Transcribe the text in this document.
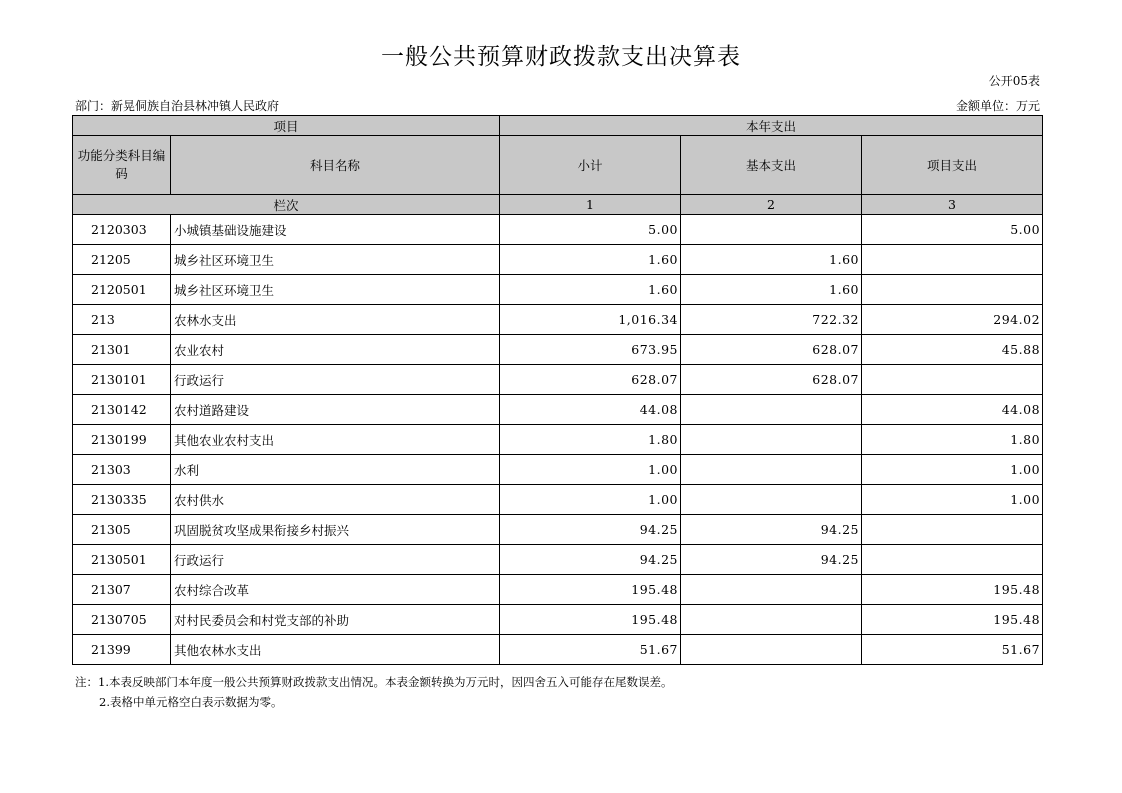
一般公共预算财政拨款支出决算表
公开05表
部门：新晃侗族自治县林冲镇人民政府	金额单位：万元
项目		本年支出		
功能分类科目编码	科目名称	小计	基本支出	项目支出
栏次		1	2	3
2120303	小城镇基础设施建设	5.00		5.00
21205	城乡社区环境卫生	1.60	1.60	
2120501	城乡社区环境卫生	1.60	1.60	
213	农林水支出	1,016.34	722.32	294.02
21301	农业农村	673.95	628.07	45.88
2130101	行政运行	628.07	628.07	
2130142	农村道路建设	44.08		44.08
2130199	其他农业农村支出	1.80		1.80
21303	水利	1.00		1.00
2130335	农村供水	1.00		1.00
21305	巩固脱贫攻坚成果衔接乡村振兴	94.25	94.25	
2130501	行政运行	94.25	94.25	
21307	农村综合改革	195.48		195.48
2130705	对村民委员会和村党支部的补助	195.48		195.48
21399	其他农林水支出	51.67		51.67
注：1.本表反映部门本年度一般公共预算财政拨款支出情况。本表金额转换为万元时，因四舍五入可能存在尾数误差。
2.表格中单元格空白表示数据为零。
